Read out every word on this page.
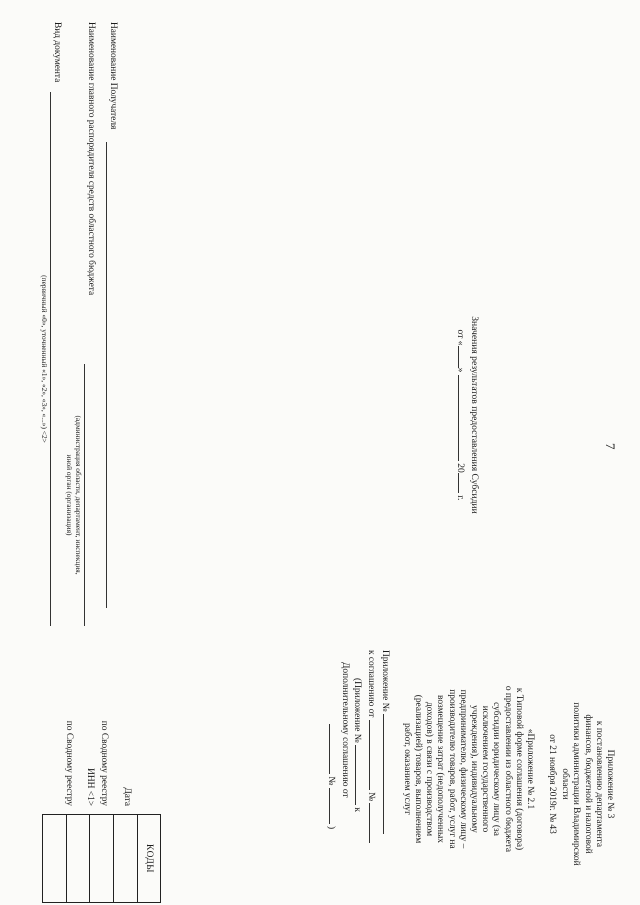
7
Приложение № 3
к постановлению департамента
финансов, бюджетной и налоговой
политики администрации Владимирской
области
от 21 ноября 2019г. № 43
«Приложение № 2.1
к Типовой форме соглашения (договора)
о предоставлении из областного бюджета
субсидии юридическому лицу (за
исключением государственного
учреждения), индивидуальному
предпринимателю, физическому лицу –
производителю товаров, работ, услуг на
возмещение затрат (недополученных
доходов) в связи с производством
(реализацией) товаров, выполнением
работ, оказанием услуг
Приложение №
к соглашению от  №
(Приложение №  к
Дополнительному соглашению от
№  )
Значения результатов предоставления Субсидии
от «»  20 г.
Наименование Получателя
Наименование главного распорядителя средств областного бюджета
(администрация области, департамент, инспекция,
иной орган (организация)
Вид документа
(первичный «0», уточненный «1», «2», «3», «...») <2>
Дата
по Сводному реестру
ИНН <1>
по Сводному реестру
КОДЫ
